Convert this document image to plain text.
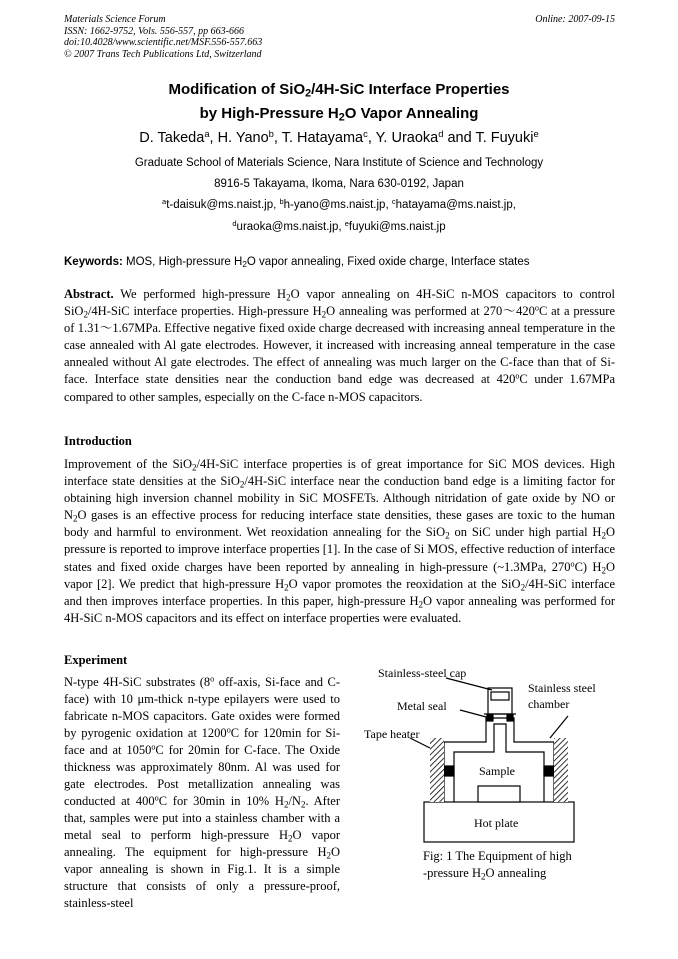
Materials Science Forum
ISSN: 1662-9752, Vols. 556-557, pp 663-666
doi:10.4028/www.scientific.net/MSF.556-557.663
© 2007 Trans Tech Publications Ltd, Switzerland
Online: 2007-09-15
Modification of SiO$_2$/4H-SiC Interface Properties
by High-Pressure $H_2O$ Vapor Annealing
D. Takeda$^a$, H. Yano$^b$, T. Hatayama$^c$, Y. Uraoka$^d$ and T. Fuyuki$^e$
Graduate School of Materials Science, Nara Institute of Science and Technology
8916-5 Takayama, Ikoma, Nara 630-0192, Japan
$^a$t-daisuk@ms.naist.jp, $^b$h-yano@ms.naist.jp, $^c$hatayama@ms.naist.jp,
$^d$uraoka@ms.naist.jp, $^e$fuyuki@ms.naist.jp
Keywords: MOS, High-pressure $H_2O$ vapor annealing, Fixed oxide charge, Interface states

Abstract. We performed high-pressure $H_2O$ vapor annealing on 4H-SiC n-MOS capacitors to control SiO$_2$/4H-SiC interface properties. High-pressure $H_2O$ annealing was performed at 270～420$^o$C at a pressure of 1.31～1.67MPa. Effective negative fixed oxide charge decreased with increasing anneal temperature in the case annealed with Al gate electrodes. However, it increased with increasing anneal temperature in the case annealed without Al gate electrodes. The effect of annealing was much larger on the C-face than that of Si-face. Interface state densities near the conduction band edge was decreased at 420$^o$C under 1.67MPa compared to other samples, especially on the C-face n-MOS capacitors.

Introduction

Improvement of the SiO$_2$/4H-SiC interface properties is of great importance for SiC MOS devices. High interface state densities at the SiO$_2$/4H-SiC interface near the conduction band edge is a limiting factor for obtaining high inversion channel mobility in SiC MOSFETs. Although nitridation of gate oxide by NO or $N_2O$ gases is an effective process for reducing interface state densities, these gases are toxic to the human body and harmful to environment. Wet reoxidation annealing for the SiO$_2$ on SiC under high partial $H_2O$ pressure is reported to improve interface properties [1]. In the case of Si MOS, effective reduction of interface states and fixed oxide charges have been reported by annealing in high-pressure (~1.3MPa, 270$^o$C) $H_2O$ vapor [2]. We predict that high-pressure $H_2O$ vapor promotes the reoxidation at the SiO$_2$/4H-SiC interface and then improves interface properties. In this paper, high-pressure $H_2O$ vapor annealing was performed for 4H-SiC n-MOS capacitors and its effect on interface properties were evaluated.

Experiment

N-type 4H-SiC substrates (8$^o$ off-axis, Si-face and C-face) with 10 μm-thick n-type epilayers were used to fabricate n-MOS capacitors. Gate oxides were formed by pyrogenic oxidation at 1200$^o$C for 120min for Si-face and at 1050$^o$C for 20min for C-face. The Oxide thickness was approximately 80nm. Al was used for gate electrodes. Post metallization annealing was conducted at 400$^o$C for 30min in 10% $H_2/N_2$. After that, samples were put into a stainless chamber with a metal seal to perform high-pressure $H_2O$ vapor annealing. The equipment for high-pressure $H_2O$ vapor annealing is shown in Fig.1. It is a simple structure that consists of only a pressure-proof, stainless-steel

Stainless-steel cap
Stainless steel
chamber
Metal seal
Tape heater
Sample
Hot plate
Fig: 1 The Equipment of high
-pressure $H_2O$ annealing
